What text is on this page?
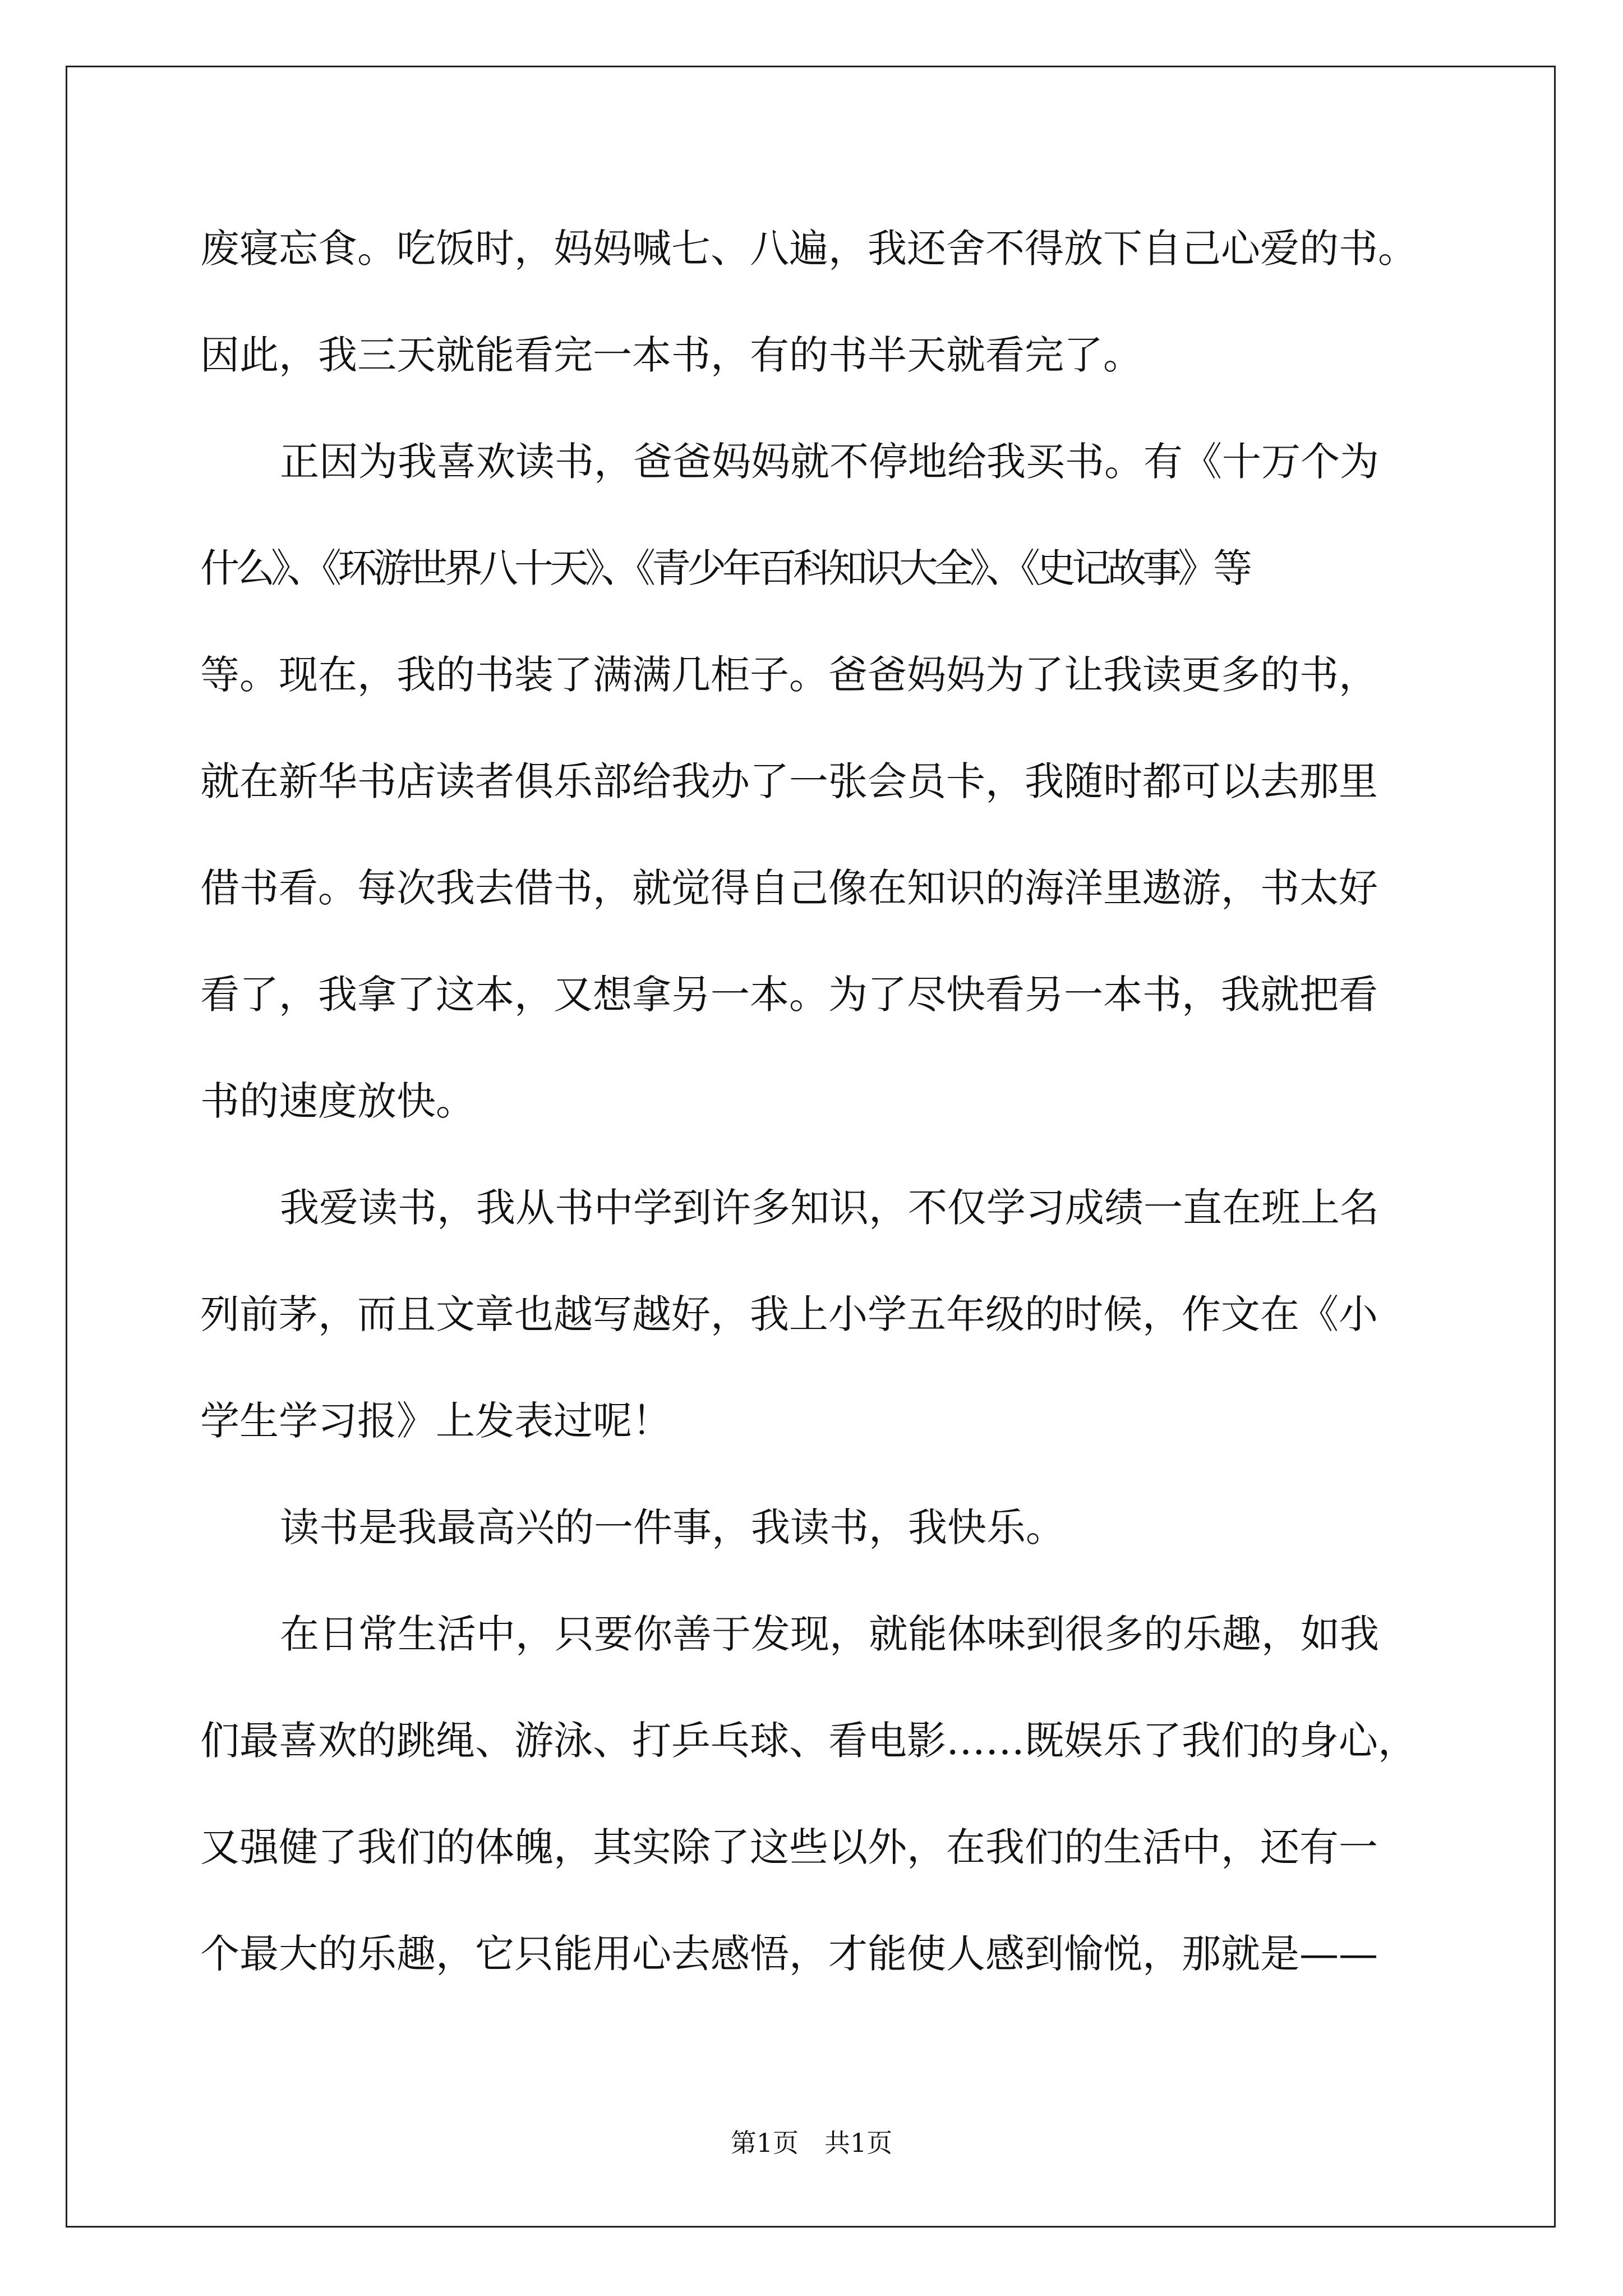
废寝忘食。吃饭时，妈妈喊七、八遍，我还舍不得放下自己心爱的书。
因此，我三天就能看完一本书，有的书半天就看完了。
正因为我喜欢读书，爸爸妈妈就不停地给我买书。有《十万个为
什么》、《环游世界八十天》、《青少年百科知识大全》、《史记故事》等
等。现在，我的书装了满满几柜子。爸爸妈妈为了让我读更多的书，
就在新华书店读者俱乐部给我办了一张会员卡，我随时都可以去那里
借书看。每次我去借书，就觉得自己像在知识的海洋里遨游，书太好
看了，我拿了这本，又想拿另一本。为了尽快看另一本书，我就把看
书的速度放快。
我爱读书，我从书中学到许多知识，不仅学习成绩一直在班上名
列前茅，而且文章也越写越好，我上小学五年级的时候，作文在《小
学生学习报》上发表过呢！
读书是我最高兴的一件事，我读书，我快乐。
在日常生活中，只要你善于发现，就能体味到很多的乐趣，如我
们最喜欢的跳绳、游泳、打乒乓球、看电影……既娱乐了我们的身心，
又强健了我们的体魄，其实除了这些以外，在我们的生活中，还有一
个最大的乐趣，它只能用心去感悟，才能使人感到愉悦，那就是——
第1页　共1页
